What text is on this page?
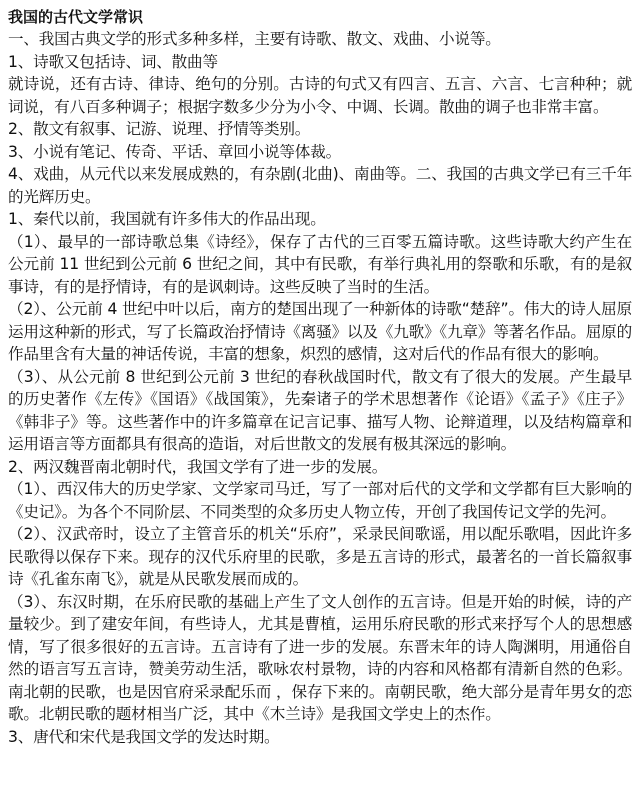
我国的古代文学常识

一、我国古典文学的形式多种多样，主要有诗歌、散文、戏曲、小说等。

1、诗歌又包括诗、词、散曲等

就诗说，还有古诗、律诗、绝句的分别。古诗的句式又有四言、五言、六言、七言种种；就词说，有八百多种调子；根据字数多少分为小令、中调、长调。散曲的调子也非常丰富。

2、散文有叙事、记游、说理、抒情等类别。

3、小说有笔记、传奇、平话、章回小说等体裁。

4、戏曲，从元代以来发展成熟的，有杂剧(北曲)、南曲等。二、我国的古典文学已有三千年的光辉历史。

1、秦代以前，我国就有许多伟大的作品出现。

（1）、最早的一部诗歌总集《诗经》，保存了古代的三百零五篇诗歌。这些诗歌大约产生在公元前 11 世纪到公元前 6 世纪之间，其中有民歌，有举行典礼用的祭歌和乐歌，有的是叙事诗，有的是抒情诗，有的是讽刺诗。这些反映了当时的生活。

（2）、公元前 4 世纪中叶以后，南方的楚国出现了一种新体的诗歌“楚辞”。伟大的诗人屈原运用这种新的形式，写了长篇政治抒情诗《离骚》以及《九歌》《九章》等著名作品。屈原的作品里含有大量的神话传说，丰富的想象，炽烈的感情，这对后代的作品有很大的影响。

（3）、从公元前 8 世纪到公元前 3 世纪的春秋战国时代，散文有了很大的发展。产生最早的历史著作《左传》《国语》《战国策》，先秦诸子的学术思想著作《论语》《孟子》《庄子》《韩非子》等。这些著作中的许多篇章在记言记事、描写人物、论辩道理，以及结构篇章和运用语言等方面都具有很高的造诣，对后世散文的发展有极其深远的影响。

2、两汉魏晋南北朝时代，我国文学有了进一步的发展。

（1）、西汉伟大的历史学家、文学家司马迁，写了一部对后代的文学和文学都有巨大影响的《史记》。为各个不同阶层、不同类型的众多历史人物立传，开创了我国传记文学的先河。

（2）、汉武帝时，设立了主管音乐的机关“乐府”，采录民间歌谣，用以配乐歌唱，因此许多民歌得以保存下来。现存的汉代乐府里的民歌，多是五言诗的形式，最著名的一首长篇叙事诗《孔雀东南飞》，就是从民歌发展而成的。

（3）、东汉时期，在乐府民歌的基础上产生了文人创作的五言诗。但是开始的时候，诗的产量较少。到了建安年间，有些诗人，尤其是曹植，运用乐府民歌的形式来抒写个人的思想感情，写了很多很好的五言诗。五言诗有了进一步的发展。东晋末年的诗人陶渊明，用通俗自然的语言写五言诗，赞美劳动生活，歌咏农村景物，诗的内容和风格都有清新自然的色彩。南北朝的民歌，也是因官府采录配乐而 ，保存下来的。南朝民歌，绝大部分是青年男女的恋歌。北朝民歌的题材相当广泛，其中《木兰诗》是我国文学史上的杰作。

3、唐代和宋代是我国文学的发达时期。
